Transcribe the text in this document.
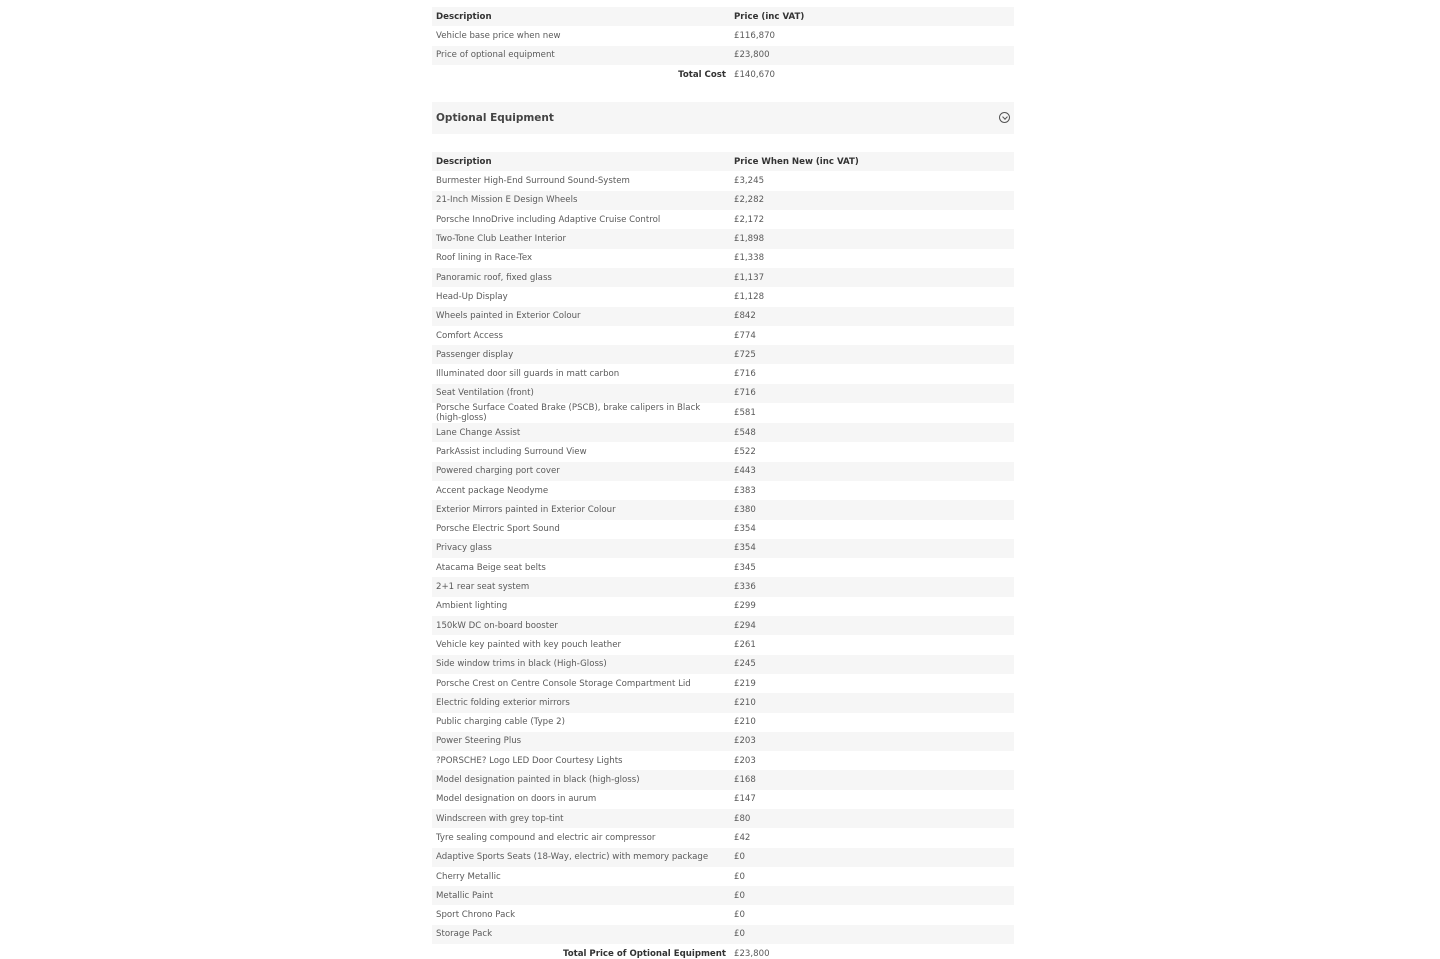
Description	Price (inc VAT)
Vehicle base price when new	£116,870
Price of optional equipment	£23,800
Total Cost	£140,670
Optional Equipment
Description	Price When New (inc VAT)
Burmester High-End Surround Sound-System	£3,245
21-Inch Mission E Design Wheels	£2,282
Porsche InnoDrive including Adaptive Cruise Control	£2,172
Two-Tone Club Leather Interior	£1,898
Roof lining in Race-Tex	£1,338
Panoramic roof, fixed glass	£1,137
Head-Up Display	£1,128
Wheels painted in Exterior Colour	£842
Comfort Access	£774
Passenger display	£725
Illuminated door sill guards in matt carbon	£716
Seat Ventilation (front)	£716
Porsche Surface Coated Brake (PSCB), brake calipers in Black (high-gloss)	£581
Lane Change Assist	£548
ParkAssist including Surround View	£522
Powered charging port cover	£443
Accent package Neodyme	£383
Exterior Mirrors painted in Exterior Colour	£380
Porsche Electric Sport Sound	£354
Privacy glass	£354
Atacama Beige seat belts	£345
2+1 rear seat system	£336
Ambient lighting	£299
150kW DC on-board booster	£294
Vehicle key painted with key pouch leather	£261
Side window trims in black (High-Gloss)	£245
Porsche Crest on Centre Console Storage Compartment Lid	£219
Electric folding exterior mirrors	£210
Public charging cable (Type 2)	£210
Power Steering Plus	£203
?PORSCHE? Logo LED Door Courtesy Lights	£203
Model designation painted in black (high-gloss)	£168
Model designation on doors in aurum	£147
Windscreen with grey top-tint	£80
Tyre sealing compound and electric air compressor	£42
Adaptive Sports Seats (18-Way, electric) with memory package	£0
Cherry Metallic	£0
Metallic Paint	£0
Sport Chrono Pack	£0
Storage Pack	£0
Total Price of Optional Equipment	£23,800
